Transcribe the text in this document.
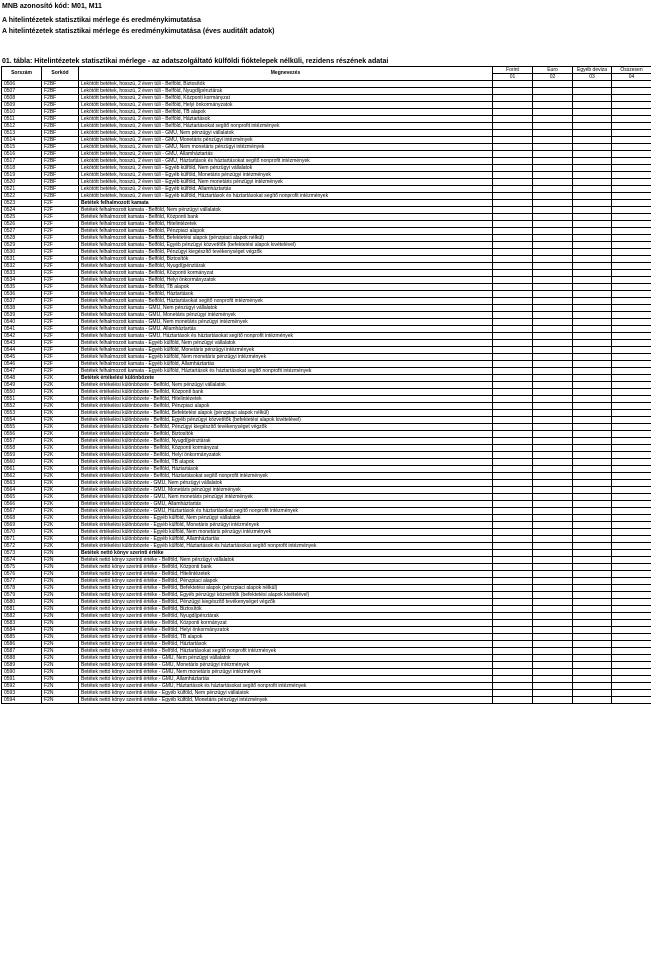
MNB azonosító kód: M01, M11
A hitelintézetek statisztikai mérlege és eredménykimutatása
A hitelintézetek statisztikai mérlege és eredménykimutatása (éves auditált adatok)
01. tábla: Hitelintézetek statisztikai mérlege - az adatszolgáltató külföldi fióktelepek nélküli, rezidens részének adatai
Sorszám	Sorkód	Megnevezés	Forint	Euro	Egyéb deviza	Összesen
			01	02	03	04
0506	F2BF	Lekötött betétek, hosszú, 2 éven túli - Belföld, Biztosítók				
0507	F2BF	Lekötött betétek, hosszú, 2 éven túli - Belföld, Nyugdíjpénztárak				
0508	F2BF	Lekötött betétek, hosszú, 2 éven túli - Belföld, Központi kormányzat				
0509	F2BF	Lekötött betétek, hosszú, 2 éven túli - Belföld, Helyi önkormányzatok				
0510	F2BF	Lekötött betétek, hosszú, 2 éven túli - Belföld, TB alapok				
0511	F2BF	Lekötött betétek, hosszú, 2 éven túli - Belföld, Háztartások				
0512	F2BF	Lekötött betétek, hosszú, 2 éven túli - Belföld, Háztartásokat segítő nonprofit intézmények				
0513	F2BF	Lekötött betétek, hosszú, 2 éven túli - GMU, Nem pénzügyi vállalatok				
0514	F2BF	Lekötött betétek, hosszú, 2 éven túli - GMU, Monetáris pénzügyi intézmények				
0515	F2BF	Lekötött betétek, hosszú, 2 éven túli - GMU, Nem monetáris pénzügyi intézmények				
0516	F2BF	Lekötött betétek, hosszú, 2 éven túli - GMU, Államháztartás				
0517	F2BF	Lekötött betétek, hosszú, 2 éven túli - GMU, Háztartások és háztartásokat segítő nonprofit intézmények				
0518	F2BF	Lekötött betétek, hosszú, 2 éven túli - Egyéb külföld, Nem pénzügyi vállalatok				
0519	F2BF	Lekötött betétek, hosszú, 2 éven túli - Egyéb külföld, Monetáris pénzügyi intézmények				
0520	F2BF	Lekötött betétek, hosszú, 2 éven túli - Egyéb külföld, Nem monetáris pénzügyi intézmények				
0521	F2BF	Lekötött betétek, hosszú, 2 éven túli - Egyéb külföld, Államháztartás				
0522	F2BF	Lekötött betétek, hosszú, 2 éven túli - Egyéb külföld, Háztartások és háztartásokat segítő nonprofit intézmények				
0523	F2F	Betétek felhalmozott kamata				
0524	F2F	Betétek felhalmozott kamata - Belföld, Nem pénzügyi vállalatok				
0525	F2F	Betétek felhalmozott kamata - Belföld, Központi bank				
0526	F2F	Betétek felhalmozott kamata - Belföld, Hitelintézetek				
0527	F2F	Betétek felhalmozott kamata - Belföld, Pénzpiaci alapok				
0528	F2F	Betétek felhalmozott kamata - Belföld, Befektetési alapok (pénzpiaci alapok nélkül)				
0529	F2F	Betétek felhalmozott kamata - Belföld, Egyéb pénzügyi közvetítők (befektetési alapok kivételével)				
0530	F2F	Betétek felhalmozott kamata - Belföld, Pénzügyi kiegészítő tevékenységet végzők				
0531	F2F	Betétek felhalmozott kamata - Belföld, Biztosítók				
0532	F2F	Betétek felhalmozott kamata - Belföld, Nyugdíjpénztárak				
0533	F2F	Betétek felhalmozott kamata - Belföld, Központi kormányzat				
0534	F2F	Betétek felhalmozott kamata - Belföld, Helyi önkormányzatok				
0535	F2F	Betétek felhalmozott kamata - Belföld, TB alapok				
0536	F2F	Betétek felhalmozott kamata - Belföld, Háztartások				
0537	F2F	Betétek felhalmozott kamata - Belföld, Háztartásokat segítő nonprofit intézmények				
0538	F2F	Betétek felhalmozott kamata - GMU, Nem pénzügyi vállalatok				
0539	F2F	Betétek felhalmozott kamata - GMU, Monetáris pénzügyi intézmények				
0540	F2F	Betétek felhalmozott kamata - GMU, Nem monetáris pénzügyi intézmények				
0541	F2F	Betétek felhalmozott kamata - GMU, Államháztartás				
0542	F2F	Betétek felhalmozott kamata - GMU, Háztartások és háztartásokat segítő nonprofit intézmények				
0543	F2F	Betétek felhalmozott kamata - Egyéb külföld, Nem pénzügyi vállalatok				
0544	F2F	Betétek felhalmozott kamata - Egyéb külföld, Monetáris pénzügyi intézmények				
0545	F2F	Betétek felhalmozott kamata - Egyéb külföld, Nem monetáris pénzügyi intézmények				
0546	F2F	Betétek felhalmozott kamata - Egyéb külföld, Államháztartás				
0547	F2F	Betétek felhalmozott kamata - Egyéb külföld, Háztartások és háztartásokat segítő nonprofit intézmények				
0548	F2K	Betétek értékelési különbözete				
0549	F2K	Betétek értékelési különbözete - Belföld, Nem pénzügyi vállalatok				
0550	F2K	Betétek értékelési különbözete - Belföld, Központi bank				
0551	F2K	Betétek értékelési különbözete - Belföld, Hitelintézetek				
0552	F2K	Betétek értékelési különbözete - Belföld, Pénzpiaci alapok				
0553	F2K	Betétek értékelési különbözete - Belföld, Befektetési alapok (pénzpiaci alapok nélkül)				
0554	F2K	Betétek értékelési különbözete - Belföld, Egyéb pénzügyi közvetítők (befektetési alapok kivételével)				
0555	F2K	Betétek értékelési különbözete - Belföld, Pénzügyi kiegészítő tevékenységet végzők				
0556	F2K	Betétek értékelési különbözete - Belföld, Biztosítók				
0557	F2K	Betétek értékelési különbözete - Belföld, Nyugdíjpénztárak				
0558	F2K	Betétek értékelési különbözete - Belföld, Központi kormányzat				
0559	F2K	Betétek értékelési különbözete - Belföld, Helyi önkormányzatok				
0560	F2K	Betétek értékelési különbözete - Belföld, TB alapok				
0561	F2K	Betétek értékelési különbözete - Belföld, Háztartások				
0562	F2K	Betétek értékelési különbözete - Belföld, Háztartásokat segítő nonprofit intézmények				
0563	F2K	Betétek értékelési különbözete - GMU, Nem pénzügyi vállalatok				
0564	F2K	Betétek értékelési különbözete - GMU, Monetáris pénzügyi intézmények				
0565	F2K	Betétek értékelési különbözete - GMU, Nem monetáris pénzügyi intézmények				
0566	F2K	Betétek értékelési különbözete - GMU, Államháztartás				
0567	F2K	Betétek értékelési különbözete - GMU, Háztartások és háztartásokat segítő nonprofit intézmények				
0568	F2K	Betétek értékelési különbözete - Egyéb külföld, Nem pénzügyi vállalatok				
0569	F2K	Betétek értékelési különbözete - Egyéb külföld, Monetáris pénzügyi intézmények				
0570	F2K	Betétek értékelési különbözete - Egyéb külföld, Nem monetáris pénzügyi intézmények				
0571	F2K	Betétek értékelési különbözete - Egyéb külföld, Államháztartás				
0572	F2K	Betétek értékelési különbözete - Egyéb külföld, Háztartások és háztartásokat segítő nonprofit intézmények				
0573	F2N	Betétek nettó könyv szerinti értéke				
0574	F2N	Betétek nettó könyv szerinti értéke - Belföld, Nem pénzügyi vállalatok				
0575	F2N	Betétek nettó könyv szerinti értéke - Belföld, Központi bank				
0576	F2N	Betétek nettó könyv szerinti értéke - Belföld, Hitelintézetek				
0577	F2N	Betétek nettó könyv szerinti értéke - Belföld, Pénzpiaci alapok				
0578	F2N	Betétek nettó könyv szerinti értéke - Belföld, Befektetési alapok (pénzpiaci alapok nélkül)				
0579	F2N	Betétek nettó könyv szerinti értéke - Belföld, Egyéb pénzügyi közvetítők (befektetési alapok kivételével)				
0580	F2N	Betétek nettó könyv szerinti értéke - Belföld, Pénzügyi kiegészítő tevékenységet végzők				
0581	F2N	Betétek nettó könyv szerinti értéke - Belföld, Biztosítók				
0582	F2N	Betétek nettó könyv szerinti értéke - Belföld, Nyugdíjpénztárak				
0583	F2N	Betétek nettó könyv szerinti értéke - Belföld, Központi kormányzat				
0584	F2N	Betétek nettó könyv szerinti értéke - Belföld, Helyi önkormányzatok				
0585	F2N	Betétek nettó könyv szerinti értéke - Belföld, TB alapok				
0586	F2N	Betétek nettó könyv szerinti értéke - Belföld, Háztartások				
0587	F2N	Betétek nettó könyv szerinti értéke - Belföld, Háztartásokat segítő nonprofit intézmények				
0588	F2N	Betétek nettó könyv szerinti értéke - GMU, Nem pénzügyi vállalatok				
0589	F2N	Betétek nettó könyv szerinti értéke - GMU, Monetáris pénzügyi intézmények				
0590	F2N	Betétek nettó könyv szerinti értéke - GMU, Nem monetáris pénzügyi intézmények				
0591	F2N	Betétek nettó könyv szerinti értéke - GMU, Államháztartás				
0592	F2N	Betétek nettó könyv szerinti értéke - GMU, Háztartások és háztartásokat segítő nonprofit intézmények				
0593	F2N	Betétek nettó könyv szerinti értéke - Egyéb külföld, Nem pénzügyi vállalatok				
0594	F2N	Betétek nettó könyv szerinti értéke - Egyéb külföld, Monetáris pénzügyi intézmények				
